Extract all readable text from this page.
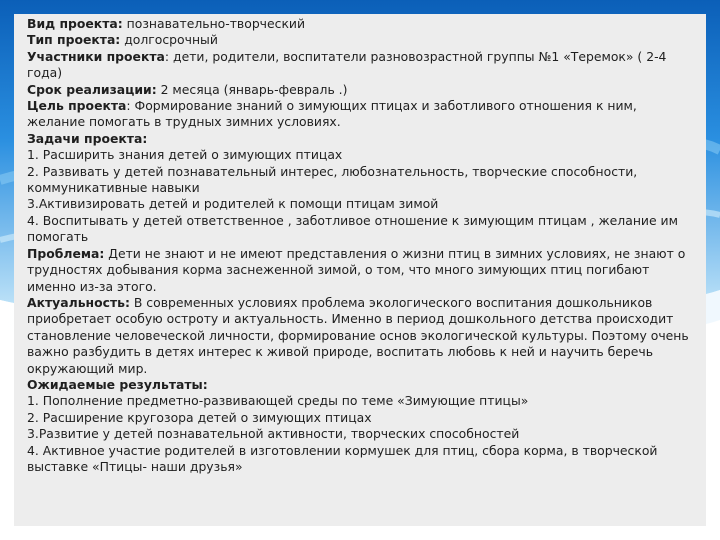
Вид проекта: познавательно-творческий

Тип проекта: долгосрочный

Участники проекта: дети, родители, воспитатели разновозрастной группы №1 «Теремок» ( 2-4 года)

Срок реализации: 2 месяца (январь-февраль .)

Цель проекта: Формирование знаний о зимующих птицах и заботливого отношения к ним, желание помогать в трудных зимних условиях.

Задачи проекта:

1. Расширить знания детей о зимующих птицах

2. Развивать у детей познавательный интерес, любознательность, творческие способности, коммуникативные навыки

3.Активизировать детей и родителей к помощи птицам зимой

4. Воспитывать у детей ответственное , заботливое отношение к зимующим птицам , желание им помогать

Проблема: Дети не знают и не имеют представления о жизни птиц в зимних условиях, не знают о трудностях добывания корма заснеженной зимой, о том, что много зимующих птиц погибают именно из-за этого.

Актуальность: В современных условиях проблема экологического воспитания дошкольников приобретает особую остроту и актуальность. Именно в период дошкольного детства происходит становление человеческой личности, формирование основ экологической культуры. Поэтому очень важно разбудить в детях интерес к живой природе, воспитать любовь к ней и научить беречь окружающий мир.

Ожидаемые результаты:

1. Пополнение предметно-развивающей среды по теме «Зимующие птицы»

2. Расширение кругозора детей о зимующих птицах

3.Развитие у детей познавательной активности, творческих способностей

4. Активное участие родителей в изготовлении кормушек для птиц, сбора корма, в творческой выставке «Птицы- наши друзья»
